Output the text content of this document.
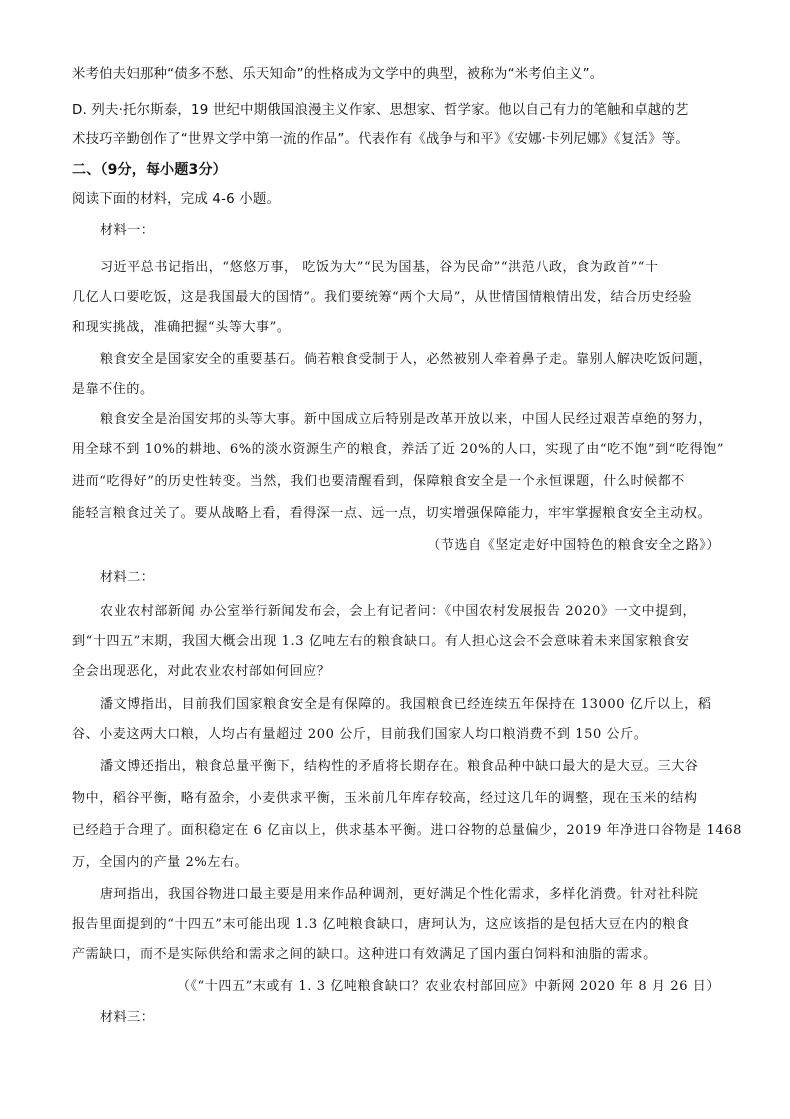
米考伯夫妇那种“债多不愁、乐天知命”的性格成为文学中的典型，被称为“米考伯主义”。
D. 列夫·托尔斯泰，19 世纪中期俄国浪漫主义作家、思想家、哲学家。他以自己有力的笔触和卓越的艺
术技巧辛勤创作了“世界文学中第一流的作品”。代表作有《战争与和平》《安娜·卡列尼娜》《复活》等。
二、（9分，每小题3分）
阅读下面的材料，完成 4-6 小题。
材料一：
习近平总书记指出，“悠悠万事， 吃饭为大”“民为国基，谷为民命”“洪范八政，食为政首”“十
几亿人口要吃饭，这是我国最大的国情”。我们要统筹“两个大局”，从世情国情粮情出发，结合历史经验
和现实挑战，准确把握“头等大事”。
粮食安全是国家安全的重要基石。倘若粮食受制于人，必然被别人牵着鼻子走。靠别人解决吃饭问题，
是靠不住的。
粮食安全是治国安邦的头等大事。新中国成立后特别是改革开放以来，中国人民经过艰苦卓绝的努力，
用全球不到 10%的耕地、6%的淡水资源生产的粮食，养活了近 20%的人口，实现了由“吃不饱”到“吃得饱”
进而“吃得好”的历史性转变。当然，我们也要清醒看到，保障粮食安全是一个永恒课题，什么时候都不
能轻言粮食过关了。要从战略上看，看得深一点、远一点，切实增强保障能力，牢牢掌握粮食安全主动权。
（节选自《坚定走好中国特色的粮食安全之路》）
材料二：
农业农村部新闻 办公室举行新闻发布会，会上有记者问：《中国农村发展报告 2020》一文中提到，
到“十四五”末期，我国大概会出现 1.3 亿吨左右的粮食缺口。有人担心这会不会意味着未来国家粮食安
全会出现恶化，对此农业农村部如何回应？
潘文博指出，目前我们国家粮食安全是有保障的。我国粮食已经连续五年保持在 13000 亿斤以上，稻
谷、小麦这两大口粮，人均占有量超过 200 公斤，目前我们国家人均口粮消费不到 150 公斤。
潘文博还指出，粮食总量平衡下，结构性的矛盾将长期存在。粮食品种中缺口最大的是大豆。三大谷
物中，稻谷平衡，略有盈余，小麦供求平衡，玉米前几年库存较高，经过这几年的调整，现在玉米的结构
已经趋于合理了。面积稳定在 6 亿亩以上，供求基本平衡。进口谷物的总量偏少，2019 年净进口谷物是 1468
万，全国内的产量 2%左右。
唐珂指出，我国谷物进口最主要是用来作品种调剂，更好满足个性化需求，多样化消费。针对社科院
报告里面提到的“十四五”末可能出现 1.3 亿吨粮食缺口，唐珂认为，这应该指的是包括大豆在内的粮食
产需缺口，而不是实际供给和需求之间的缺口。这种进口有效满足了国内蛋白饲料和油脂的需求。
（《“十四五”末或有 1. 3 亿吨粮食缺口？农业农村部回应》中新网 2020 年 8 月 26 日）
材料三：
